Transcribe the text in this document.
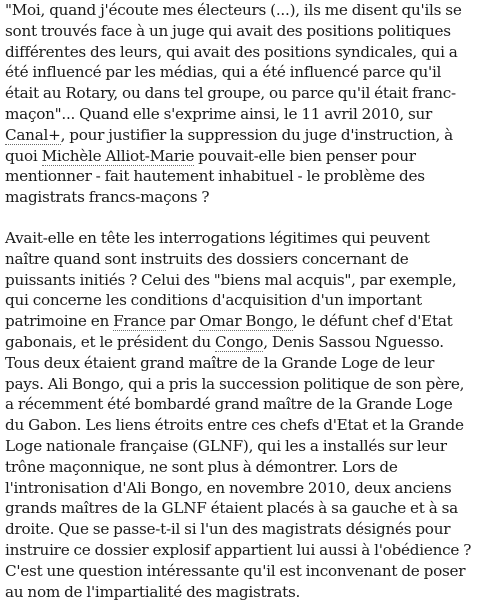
"Moi, quand j'écoute mes électeurs (...), ils me disent qu'ils se sont trouvés face à un juge qui avait des positions politiques différentes des leurs, qui avait des positions syndicales, qui a été influencé par les médias, qui a été influencé parce qu'il était au Rotary, ou dans tel groupe, ou parce qu'il était franc-maçon"... Quand elle s'exprime ainsi, le 11 avril 2010, sur Canal+, pour justifier la suppression du juge d'instruction, à quoi Michèle Alliot-Marie pouvait-elle bien penser pour mentionner - fait hautement inhabituel - le problème des magistrats francs-maçons ?

Avait-elle en tête les interrogations légitimes qui peuvent naître quand sont instruits des dossiers concernant de puissants initiés ? Celui des "biens mal acquis", par exemple, qui concerne les conditions d'acquisition d'un important patrimoine en France par Omar Bongo, le défunt chef d'Etat gabonais, et le président du Congo, Denis Sassou Nguesso. Tous deux étaient grand maître de la Grande Loge de leur pays. Ali Bongo, qui a pris la succession politique de son père, a récemment été bombardé grand maître de la Grande Loge du Gabon. Les liens étroits entre ces chefs d'Etat et la Grande Loge nationale française (GLNF), qui les a installés sur leur trône maçonnique, ne sont plus à démontrer. Lors de l'intronisation d'Ali Bongo, en novembre 2010, deux anciens grands maîtres de la GLNF étaient placés à sa gauche et à sa droite. Que se passe-t-il si l'un des magistrats désignés pour instruire ce dossier explosif appartient lui aussi à l'obédience ? C'est une question intéressante qu'il est inconvenant de poser au nom de l'impartialité des magistrats.
